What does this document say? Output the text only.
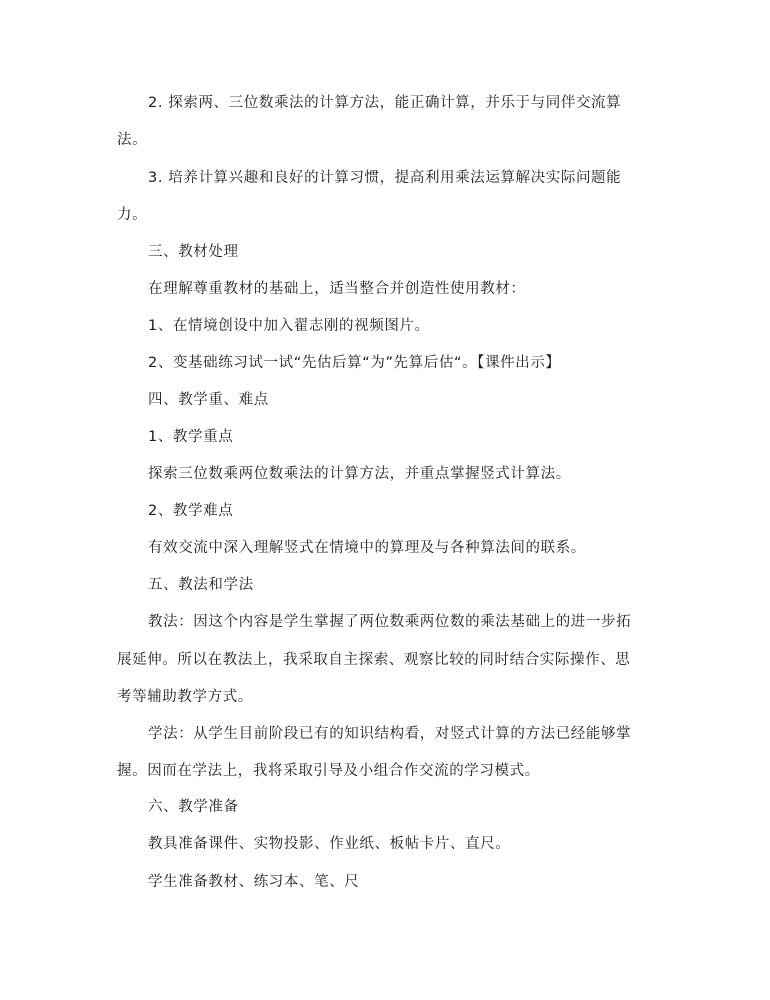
2. 探索两、三位数乘法的计算方法，能正确计算，并乐于与同伴交流算
法。
3. 培养计算兴趣和良好的计算习惯，提高利用乘法运算解决实际问题能
力。
三、教材处理
在理解尊重教材的基础上，适当整合并创造性使用教材：
1、在情境创设中加入翟志刚的视频图片。
2、变基础练习试一试“先估后算“为”先算后估“。【课件出示】
四、教学重、难点
1、教学重点
探索三位数乘两位数乘法的计算方法，并重点掌握竖式计算法。
2、教学难点
有效交流中深入理解竖式在情境中的算理及与各种算法间的联系。
五、教法和学法
教法：因这个内容是学生掌握了两位数乘两位数的乘法基础上的进一步拓
展延伸。所以在教法上，我采取自主探索、观察比较的同时结合实际操作、思
考等辅助教学方式。
学法：从学生目前阶段已有的知识结构看，对竖式计算的方法已经能够掌
握。因而在学法上，我将采取引导及小组合作交流的学习模式。
六、教学准备
教具准备课件、实物投影、作业纸、板帖卡片、直尺。
学生准备教材、练习本、笔、尺
